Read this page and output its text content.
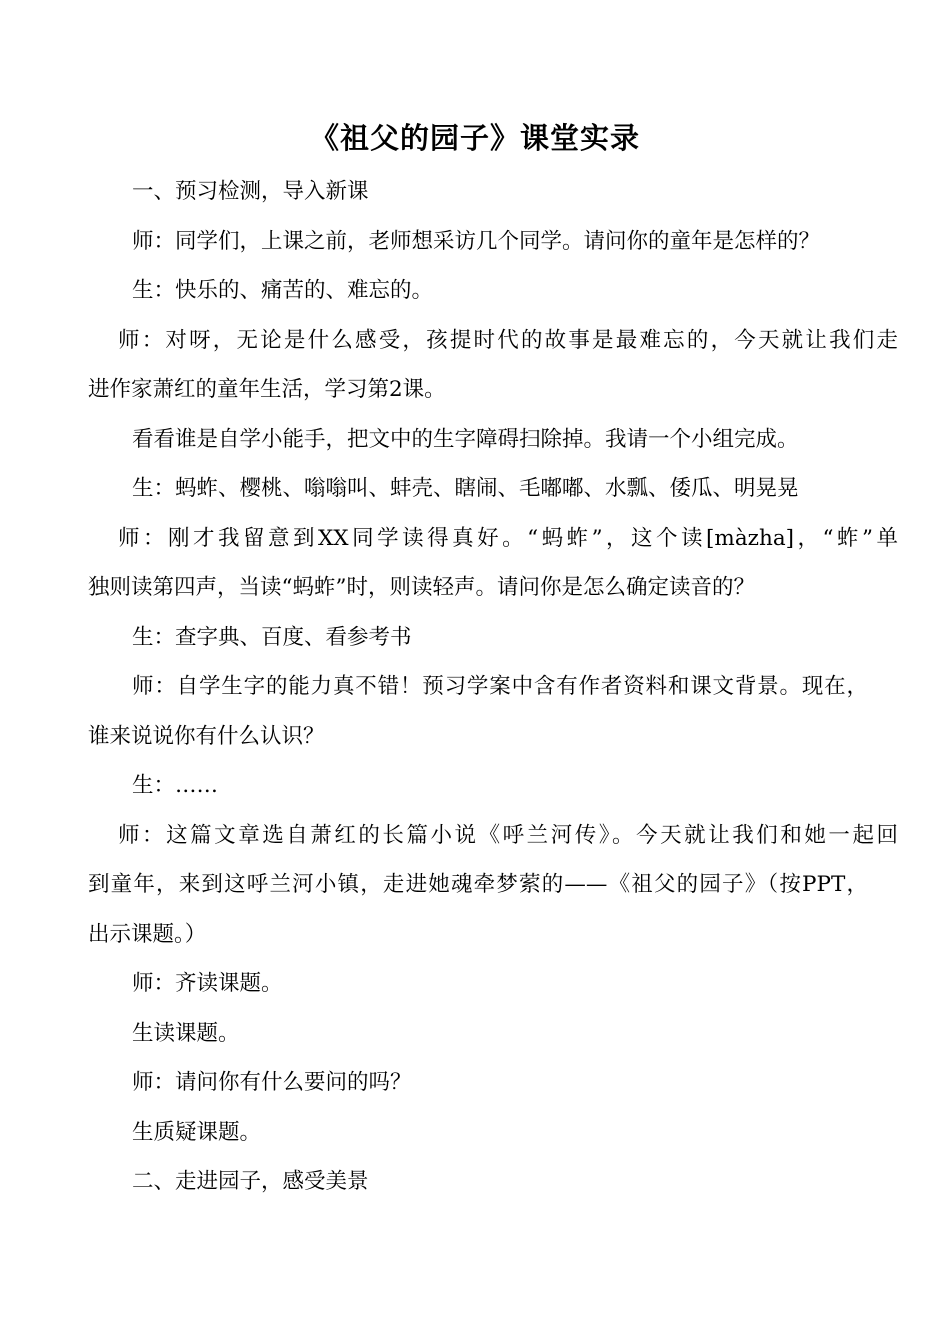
《祖父的园子》课堂实录
一、预习检测，导入新课
师：同学们，上课之前，老师想采访几个同学。请问你的童年是怎样的？
生：快乐的、痛苦的、难忘的。
师：对呀，无论是什么感受，孩提时代的故事是最难忘的，今天就让我们走
进作家萧红的童年生活，学习第2课。
看看谁是自学小能手，把文中的生字障碍扫除掉。我请一个小组完成。
生：蚂蚱、樱桃、嗡嗡叫、蚌壳、瞎闹、毛嘟嘟、水瓢、倭瓜、明晃晃
师：刚才我留意到XX同学读得真好。“蚂蚱”，这个读[màzha]，“蚱”单
独则读第四声，当读“蚂蚱”时，则读轻声。请问你是怎么确定读音的？
生：查字典、百度、看参考书
师：自学生字的能力真不错！预习学案中含有作者资料和课文背景。现在，
谁来说说你有什么认识？
生：……
师：这篇文章选自萧红的长篇小说《呼兰河传》。今天就让我们和她一起回
到童年，来到这呼兰河小镇，走进她魂牵梦萦的——《祖父的园子》（按PPT，
出示课题。）
师：齐读课题。
生读课题。
师：请问你有什么要问的吗？
生质疑课题。
二、走进园子，感受美景
